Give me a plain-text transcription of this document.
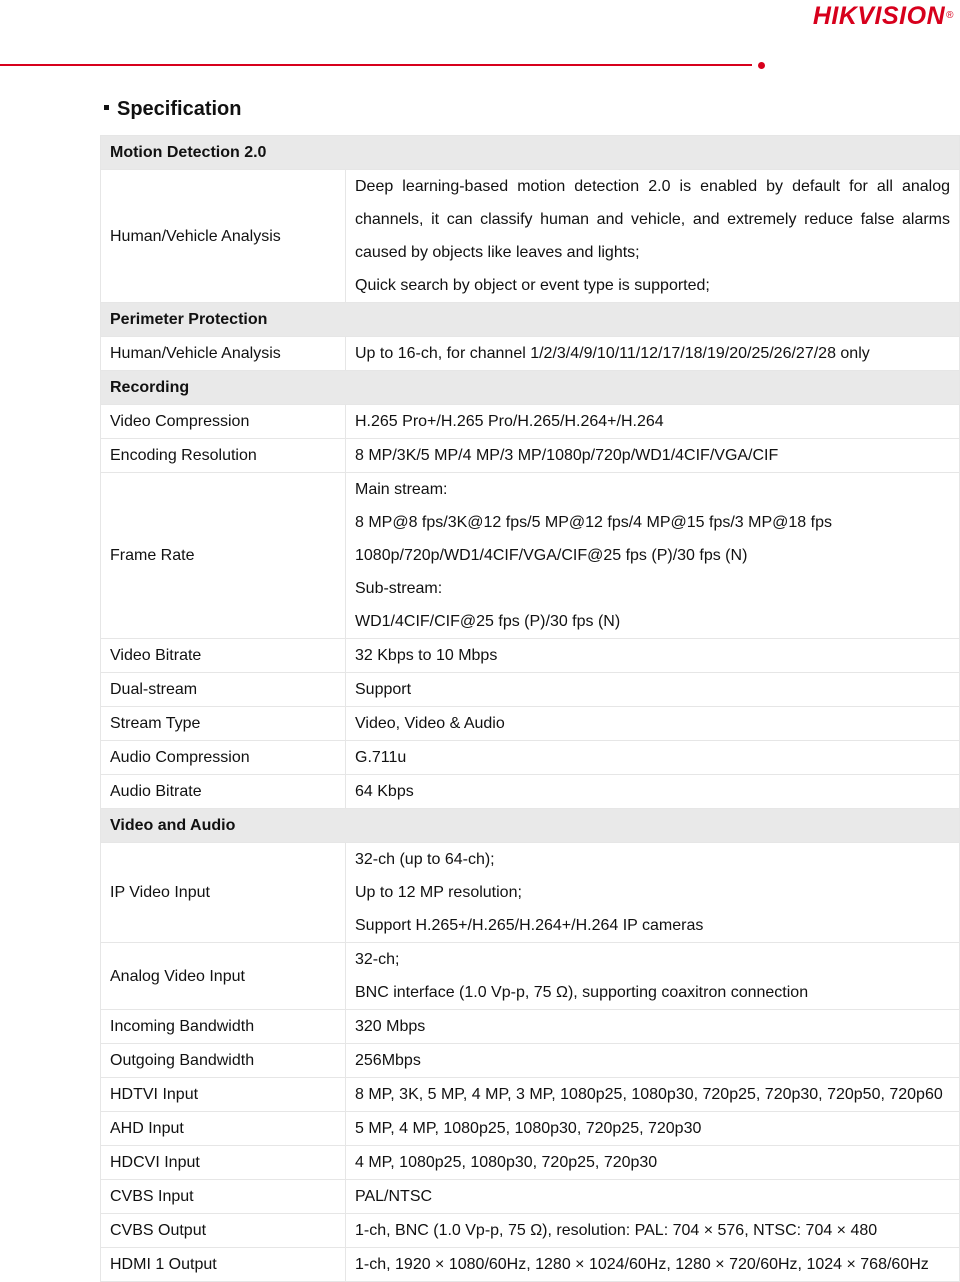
HIKVISION®
Specification
Motion Detection 2.0	
Human/Vehicle Analysis	Deep learning-based motion detection 2.0 is enabled by default for all analog channels, it can classify human and vehicle, and extremely reduce false alarms caused by objects like leaves and lights;
Quick search by object or event type is supported;

Perimeter Protection	
Human/Vehicle Analysis	Up to 16-ch, for channel 1/2/3/4/9/10/11/12/17/18/19/20/25/26/27/28 only

Recording	
Video Compression	H.265 Pro+/H.265 Pro/H.265/H.264+/H.264

Encoding Resolution	8 MP/3K/5 MP/4 MP/3 MP/1080p/720p/WD1/4CIF/VGA/CIF

Frame Rate	Main stream:
8 MP@8 fps/3K@12 fps/5 MP@12 fps/4 MP@15 fps/3 MP@18 fps
1080p/720p/WD1/4CIF/VGA/CIF@25 fps (P)/30 fps (N)
Sub-stream:
WD1/4CIF/CIF@25 fps (P)/30 fps (N)

Video Bitrate	32 Kbps to 10 Mbps

Dual-stream	Support

Stream Type	Video, Video & Audio

Audio Compression	G.711u

Audio Bitrate	64 Kbps

Video and Audio	
IP Video Input	32-ch (up to 64-ch);
Up to 12 MP resolution;
Support H.265+/H.265/H.264+/H.264 IP cameras

Analog Video Input	32-ch;
BNC interface (1.0 Vp-p, 75 Ω), supporting coaxitron connection

Incoming Bandwidth	320 Mbps

Outgoing Bandwidth	256Mbps

HDTVI Input	8 MP, 3K, 5 MP, 4 MP, 3 MP, 1080p25, 1080p30, 720p25, 720p30, 720p50, 720p60

AHD Input	5 MP, 4 MP, 1080p25, 1080p30, 720p25, 720p30

HDCVI Input	4 MP, 1080p25, 1080p30, 720p25, 720p30

CVBS Input	PAL/NTSC

CVBS Output	1-ch, BNC (1.0 Vp-p, 75 Ω), resolution: PAL: 704 × 576, NTSC: 704 × 480

HDMI 1 Output	1-ch, 1920 × 1080/60Hz, 1280 × 1024/60Hz, 1280 × 720/60Hz, 1024 × 768/60Hz
